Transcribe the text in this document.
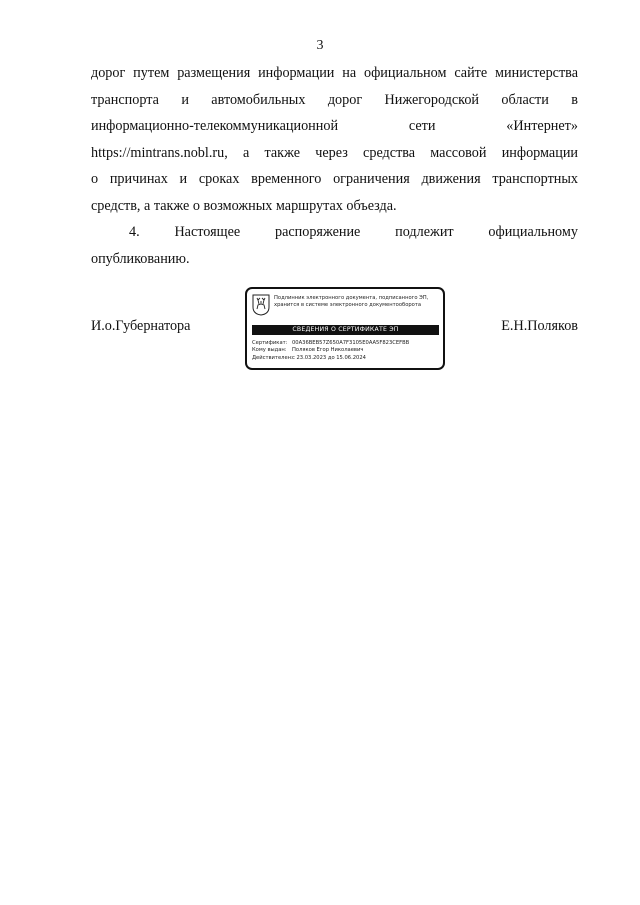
3
дорог путем размещения информации на официальном сайте министерства
транспорта и автомобильных дорог Нижегородской области в
информационно-телекоммуникационной	сети	«Интернет»
https://mintrans.nobl.ru,  а  также  через  средства  массовой  информации
о  причинах  и  сроках  временного  ограничения  движения  транспортных
средств, а также о возможных маршрутах объезда.
4. Настоящее распоряжение подлежит официальному
опубликованию.
И.о.Губернатора	Е.Н.Поляков
Подлинник электронного документа, подписанного ЭП,
хранится в системе электронного документооборота
СВЕДЕНИЯ О СЕРТИФИКАТЕ ЭП
Сертификат: 00A36BEB57Z650A7F3105E0AA5F823CEFBB
Кому выдан: Поляков Егор Николаевич
Действителен:с 23.03.2023 до 15.06.2024
